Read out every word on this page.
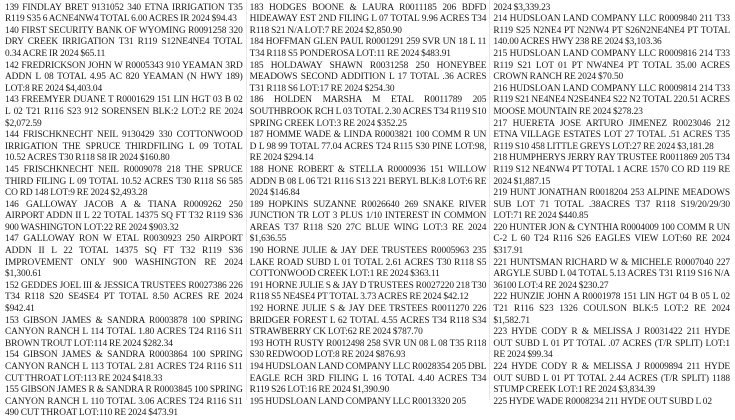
139 FINDLAY BRET 9131052 340 ETNA IRRIGATION T35 R119 S35 6 ACNE4NW4 TOTAL 6.00 ACRES IR 2024 $94.43

140 FIRST SECURITY BANK OF WYOMING R0091258 320 DRY CREEK IRRIGATION T31 R119 S12NE4NE4 TOTAL 0.34 ACRE IR 2024 $65.11

142 FREDRICKSON JOHN W R0005343 910 YEAMAN 3RD ADDN L 08 TOTAL 4.95 AC 820 YEAMAN (N HWY 189) LOT:8 RE 2024 $4,403.04

143 FREEMYER DUANE T R0001629 151 LIN HGT 03 B 02 L 02 T21 R116 S23 912 SORENSEN BLK:2 LOT:2 RE 2024 $2,072.59

144 FRISCHKNECHT NEIL 9130429 330 COTTONWOOD IRRIGATION THE SPRUCE THIRDFILING L 09 TOTAL 10.52 ACRES T30 R118 S8 IR 2024 $160.80

145 FRISCHKNECHT NEIL R0009078 218 THE SPRUCE THIRD FILING L 09 TOTAL 10.52 ACRES T30 R118 S6 585 CO RD 148 LOT:9 RE 2024 $2,493.28

146 GALLOWAY JACOB A & TIANA R0009262 250 AIRPORT ADDN II L 22 TOTAL 14375 SQ FT T32 R119 S36 900 WASHINGTON LOT:22 RE 2024 $903.32

147 GALLOWAY RON W ETAL R0030923 250 AIRPORT ADDN II L 22 TOTAL 14375 SQ FT T32 R119 S36 IMPROVEMENT ONLY 900 WASHINGTON RE 2024 $1,300.61

152 GEDDES JOEL III & JESSICA TRUSTEES R0027386 226 T34 R118 S20 SE4SE4 PT TOTAL 8.50 ACRES RE 2024 $942.41

153 GIBSON JAMES & SANDRA R0003878 100 SPRING CANYON RANCH L 114 TOTAL 1.80 ACRES T24 R116 S11 BROWN TROUT LOT:114 RE 2024 $282.34

154 GIBSON JAMES & SANDRA R0003864 100 SPRING CANYON RANCH L 113 TOTAL 2.81 ACRES T24 R116 S11 CUT THROAT LOT:113 RE 2024 $418.33

155 GIBSON JAMES R & SANDRA R R0003845 100 SPRING CANYON RANCH L 110 TOTAL 3.06 ACRES T24 R116 S11 490 CUT THROAT LOT:110 RE 2024 $473.91

183 HODGES BOONE & LAURA R0011185 206 BDFD HIDEAWAY EST 2ND FILING L 07 TOTAL 9.96 ACRES T34 R118 S21 N/A LOT:7 RE 2024 $2,850.90

184 HOFFMAN GLEN PAUL R0001291 259 SVR UN 18 L 11 T34 R118 S5 PONDEROSA LOT:11 RE 2024 $483.91

185 HOLDAWAY SHAWN R0031258 250 HONEYBEE MEADOWS SECOND ADDITION L 17 TOTAL .36 ACRES T31 R118 S6 LOT:17 RE 2024 $254.30

186 HOLDEN MARSHA M ETAL R0011789 205 SOUTHBROOK RCH L 03 TOTAL 2.30 ACRES T34 R119 S10 SPRING CREEK LOT:3 RE 2024 $352.25

187 HOMME WADE & LINDA R0003821 100 COMM R UN D L 98 99 TOTAL 77.04 ACRES T24 R115 S30 PINE LOT:98, RE 2024 $294.14

188 HONE ROBERT & STELLA R0000936 151 WILLOW ADDN B 08 L 06 T21 R116 S13 221 BERYL BLK:8 LOT:6 RE 2024 $146.84

189 HOPKINS SUZANNE R0026640 269 SNAKE RIVER JUNCTION TR LOT 3 PLUS 1/10 INTEREST IN COMMON AREAS T37 R118 S20 27C BLUE WING LOT:3 RE 2024 $1,636.55

190 HORNE JULIE & JAY DEE TRUSTEES R0005963 235 LAKE ROAD SUBD L 01 TOTAL 2.61 ACRES T30 R118 S5 COTTONWOOD CREEK LOT:1 RE 2024 $363.11

191 HORNE JULIE S & JAY D TRUSTEES R0027220 218 T30 R118 S5 NE4SE4 PT TOTAL 3.73 ACRES RE 2024 $42.12

192 HORNE JULIE S & JAY DEE TRSTEES R0011270 226 BRIDGER FOREST L 62 TOTAL 4.55 ACRES T34 R118 S34 STRAWBERRY CK LOT:62 RE 2024 $787.70

193 HOTH RUSTY R0012498 258 SVR UN 08 L 08 T35 R118 S30 REDWOOD LOT:8 RE 2024 $876.93

194 HUDSLOAN LAND COMPANY LLC R0028354 205 DBL EAGLE RCH 3RD FILING L 16 TOTAL 4.40 ACRES T34 R119 S26 LOT:16 RE 2024 $1,390.90

195 HUDSLOAN LAND COMPANY LLC R0013320 205

2024 $3,339.23

214 HUDSLOAN LAND COMPANY LLC R0009840 211 T33 R119 S25 N2NE4 PT N2NW4 PT S26N2NE4NE4 PT TOTAL 140.00 ACRES HWY 238 RE 2024 $3,103.36

215 HUDSLOAN LAND COMPANY LLC R0009816 214 T33 R119 S21 LOT 01 PT NW4NE4 PT TOTAL 35.00 ACRES CROWN RANCH RE 2024 $70.50

216 HUDSLOAN LAND COMPANY LLC R0009814 214 T33 R119 S21 NE4NE4 N2SE4NE4 S22 N2 TOTAL 220.51 ACRES MOOSE MOUNTAIN RE 2024 $278.23

217 HUERETA JOSE ARTURO JIMENEZ R0023046 212 ETNA VILLAGE ESTATES LOT 27 TOTAL .51 ACRES T35 R119 S10 458 LITTLE GREYS LOT:27 RE 2024 $3,181.28

218 HUMPHERYS JERRY RAY TRUSTEE R0011869 205 T34 R119 S12 NE4NW4 PT TOTAL 1 ACRE 1570 CO RD 119 RE 2024 $1,887.15

219 HUNT JONATHAN R0018204 253 ALPINE MEADOWS SUB LOT 71 TOTAL .38ACRES T37 R118 S19/20/29/30 LOT:71 RE 2024 $440.85

220 HUNTER JON & CYNTHIA R0004009 100 COMM R UN C-2 L 60 T24 R116 S26 EAGLES VIEW LOT:60 RE 2024 $317.91

221 HUNTSMAN RICHARD W & MICHELE R0007040 227 ARGYLE SUBD L 04 TOTAL 5.13 ACRES T31 R119 S16 N/A 36100 LOT:4 RE 2024 $230.27

222 HUNZIE JOHN A R0001978 151 LIN HGT 04 B 05 L 02 T21 R116 S23 1326 COULSON BLK:5 LOT:2 RE 2024 $1,582.71

223 HYDE CODY R & MELISSA J R0031422 211 HYDE OUT SUBD L 01 PT TOTAL .07 ACRES (T/R SPLIT) LOT:1 RE 2024 $99.34

224 HYDE CODY R & MELISSA J R0009894 211 HYDE OUT SUBD L 01 PT TOTAL 2.44 ACRES (T/R SPLIT) 1188 STUMP CREEK LOT:1 RE 2024 $3,834.39

225 HYDE WADE R0008234 211 HYDE OUT SUBD L 02
